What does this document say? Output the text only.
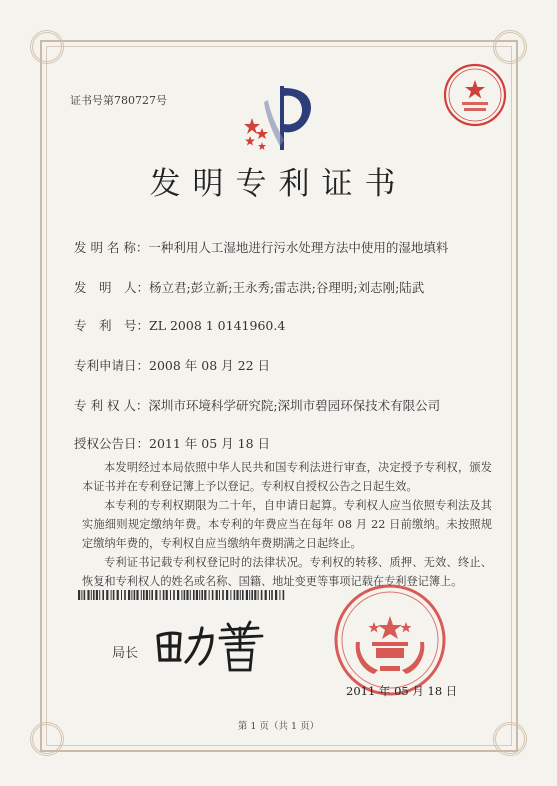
证书号第780727号
发明专利证书
发 明 名 称：一种利用人工湿地进行污水处理方法中使用的湿地填料
发　明　人：杨立君;彭立新;王永秀;雷志洪;谷理明;刘志刚;陆武
专　利　号：ZL 2008 1 0141960.4
专利申请日：2008 年 08 月 22 日
专 利 权 人：深圳市环境科学研究院;深圳市碧园环保技术有限公司
授权公告日：2011 年 05 月 18 日

本发明经过本局依照中华人民共和国专利法进行审查，决定授予专利权，颁发本证书并在专利登记簿上予以登记。专利权自授权公告之日起生效。

本专利的专利权期限为二十年，自申请日起算。专利权人应当依照专利法及其实施细则规定缴纳年费。本专利的年费应当在每年 08 月 22 日前缴纳。未按照规定缴纳年费的，专利权自应当缴纳年费期满之日起终止。

专利证书记载专利权登记时的法律状况。专利权的转移、质押、无效、终止、恢复和专利权人的姓名或名称、国籍、地址变更等事项记载在专利登记簿上。

局长
2011 年 05 月 18 日
第 1 页（共 1 页）
